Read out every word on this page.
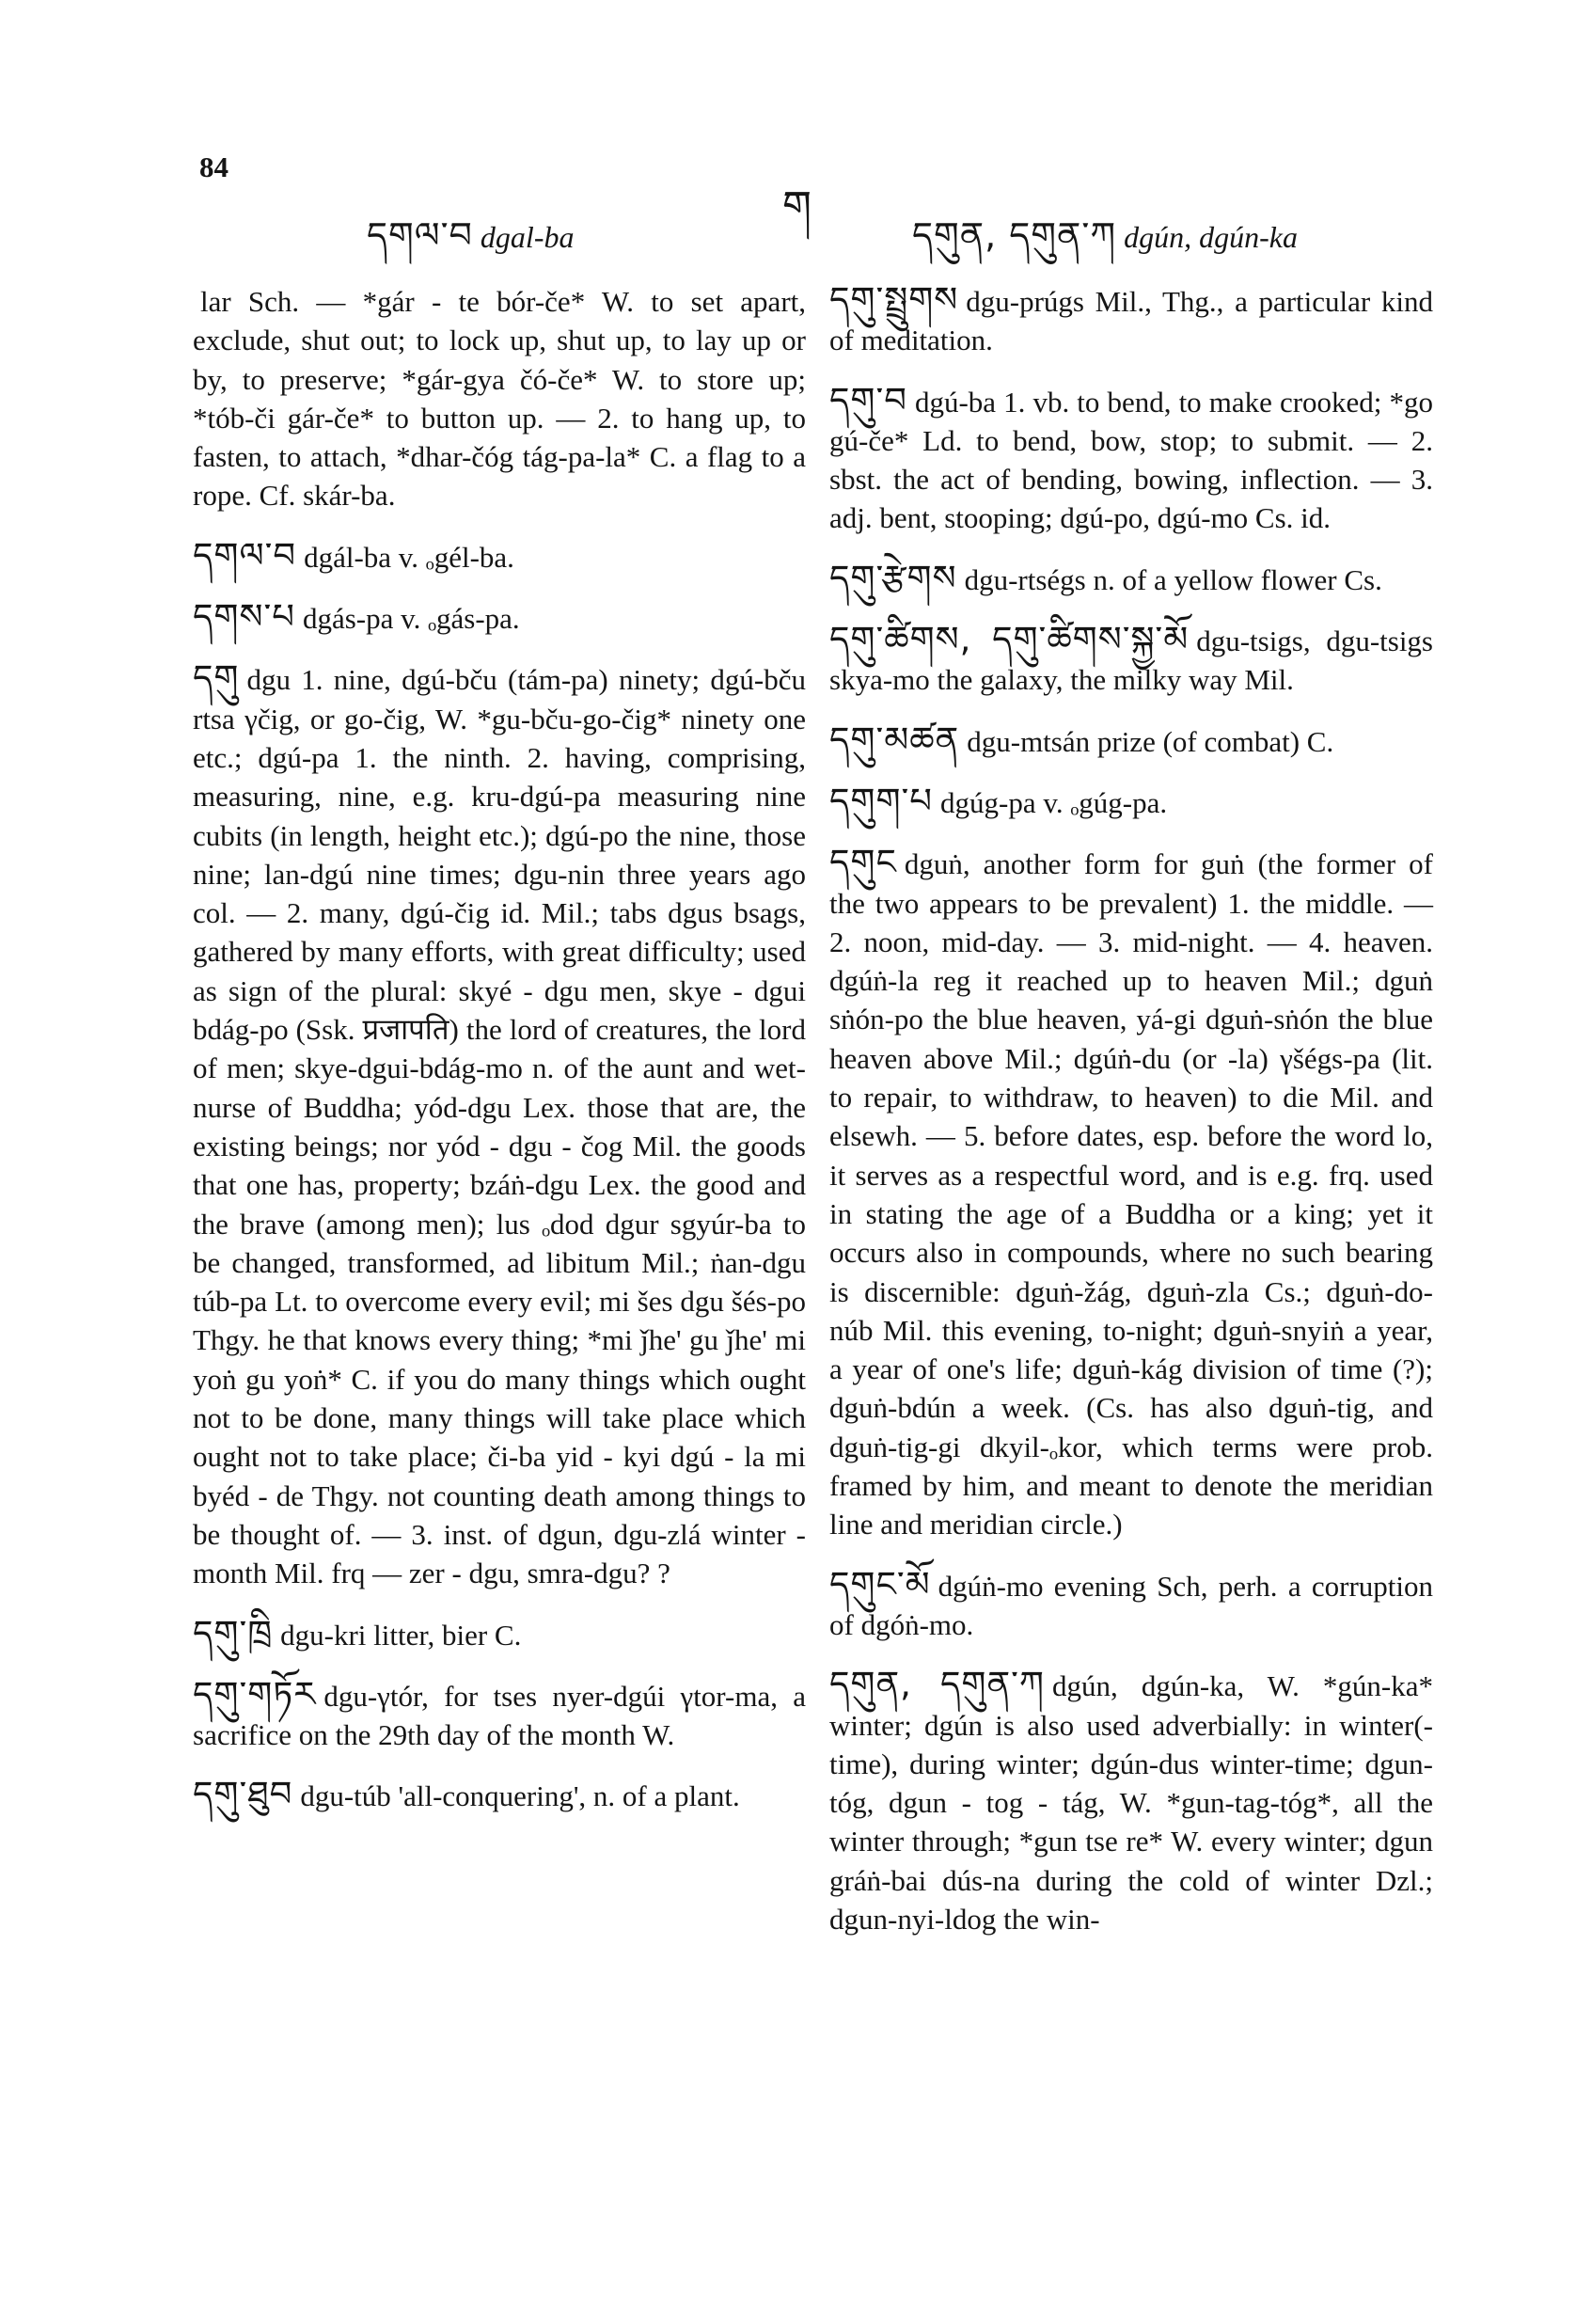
84
དགལ་བ dgal-ba
ག
དགུན, དགུན་ཀ dgún, dgún-ka
lar Sch. — *gár - te bór-če* W. to set apart, exclude, shut out; to lock up, shut up, to lay up or by, to preserve; *gár-gya čó-če* W. to store up; *tób-či gár-če* to button up. — 2. to hang up, to fasten, to attach, *dhar-čóg tág-pa-la* C. a flag to a rope. Cf. skár-ba.
དགལ་བ dgál-ba v. ₒgél-ba.
དགས་པ dgás-pa v. ₒgás-pa.
དགུ dgu 1. nine, dgú-bču (tám-pa) ninety; dgú-bču rtsa γčig, or go-čig, W. *gu-bču-go-čig* ninety one etc.; dgú-pa 1. the ninth. 2. having, comprising, measuring, nine, e.g. kru-dgú-pa measuring nine cubits (in length, height etc.); dgú-po the nine, those nine; lan-dgú nine times; dgu-nin three years ago col. — 2. many, dgú-čig id. Mil.; tabs dgus bsags, gathered by many efforts, with great difficulty; used as sign of the plural: skyé - dgu men, skye - dgui bdág-po (Ssk. प्रजापति) the lord of creatures, the lord of men; skye-dgui-bdág-mo n. of the aunt and wet-nurse of Buddha; yód-dgu Lex. those that are, the existing beings; nor yód - dgu - čog Mil. the goods that one has, property; bzáṅ-dgu Lex. the good and the brave (among men); lus ₒdod dgur sgyúr-ba to be changed, transformed, ad libitum Mil.; ṅan-dgu túb-pa Lt. to overcome every evil; mi šes dgu šés-po Thgy. he that knows every thing; *mi ǰhe' gu ǰhe' mi yoṅ gu yoṅ* C. if you do many things which ought not to be done, many things will take place which ought not to take place; či-ba yid - kyi dgú - la mi byéd - de Thgy. not counting death among things to be thought of. — 3. inst. of dgun, dgu-zlá winter - month Mil. frq — zer - dgu, smra-dgu? ?
དགུ་ཁྲི dgu-kri litter, bier C.
དགུ་གཏོར dgu-γtór, for tses nyer-dgúi γtor-ma, a sacrifice on the 29th day of the month W.
དགུ་ཐུབ dgu-túb 'all-conquering', n. of a plant.
དགུ་སྤྲུགས dgu-prúgs Mil., Thg., a particular kind of meditation.
དགུ་བ dgú-ba 1. vb. to bend, to make crooked; *go gú-če* Ld. to bend, bow, stop; to submit. — 2. sbst. the act of bending, bowing, inflection. — 3. adj. bent, stooping; dgú-po, dgú-mo Cs. id.
དགུ་རྩེགས dgu-rtségs n. of a yellow flower Cs.
དགུ་ཚིགས, དགུ་ཚིགས་སྐྱ་མོ dgu-tsigs, dgu-tsigs skya-mo the galaxy, the milky way Mil.
དགུ་མཚན dgu-mtsán prize (of combat) C.
དགུག་པ dgúg-pa v. ₒgúg-pa.
དགུང dguṅ, another form for guṅ (the former of the two appears to be prevalent) 1. the middle. — 2. noon, mid-day. — 3. mid-night. — 4. heaven. dgúṅ-la reg it reached up to heaven Mil.; dguṅ sṅón-po the blue heaven, yá-gi dguṅ-sṅón the blue heaven above Mil.; dgúṅ-du (or -la) γšégs-pa (lit. to repair, to withdraw, to heaven) to die Mil. and elsewh. — 5. before dates, esp. before the word lo, it serves as a respectful word, and is e.g. frq. used in stating the age of a Buddha or a king; yet it occurs also in compounds, where no such bearing is discernible: dguṅ-žág, dguṅ-zla Cs.; dguṅ-do-núb Mil. this evening, to-night; dguṅ-snyiṅ a year, a year of one's life; dguṅ-kág division of time (?); dguṅ-bdún a week. (Cs. has also dguṅ-tig, and dguṅ-tig-gi dkyil-ₒkor, which terms were prob. framed by him, and meant to denote the meridian line and meridian circle.)
དགུང་མོ dgúṅ-mo evening Sch, perh. a corruption of dgóṅ-mo.
དགུན, དགུན་ཀ dgún, dgún-ka, W. *gún-ka* winter; dgún is also used adverbially: in winter(-time), during winter; dgún-dus winter-time; dgun-tóg, dgun - tog - tág, W. *gun-tag-tóg*, all the winter through; *gun tse re* W. every winter; dgun gráṅ-bai dús-na during the cold of winter Dzl.; dgun-nyi-ldog the win-
